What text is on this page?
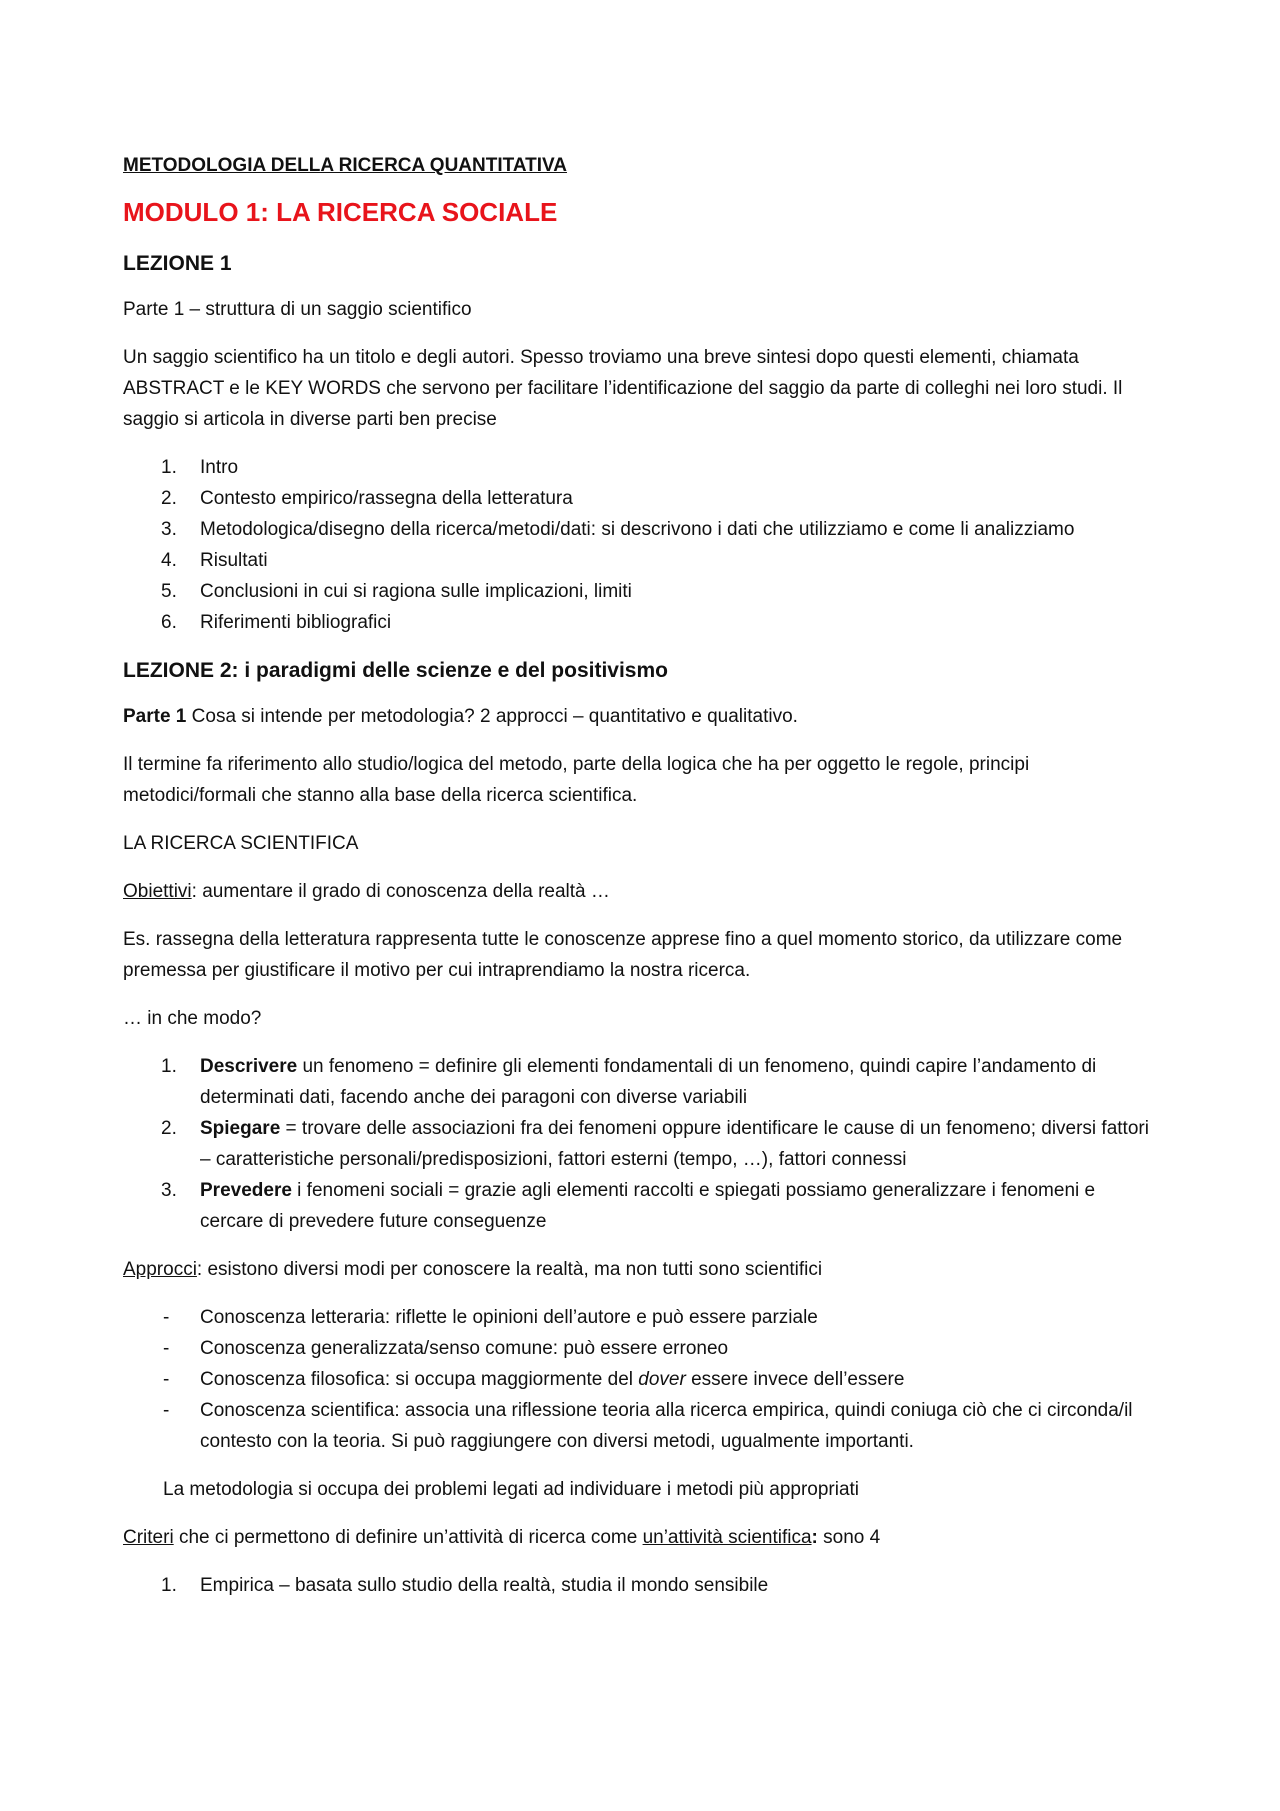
METODOLOGIA DELLA RICERCA QUANTITATIVA
MODULO 1: LA RICERCA SOCIALE
LEZIONE 1

Parte 1 – struttura di un saggio scientifico

Un saggio scientifico ha un titolo e degli autori. Spesso troviamo una breve sintesi dopo questi elementi, chiamata ABSTRACT e le KEY WORDS che servono per facilitare l’identificazione del saggio da parte di colleghi nei loro studi. Il saggio si articola in diverse parti ben precise

1. Intro
2. Contesto empirico/rassegna della letteratura
3. Metodologica/disegno della ricerca/metodi/dati: si descrivono i dati che utilizziamo e come li analizziamo
4. Risultati
5. Conclusioni in cui si ragiona sulle implicazioni, limiti
6. Riferimenti bibliografici
LEZIONE 2: i paradigmi delle scienze e del positivismo

Parte 1 Cosa si intende per metodologia? 2 approcci – quantitativo e qualitativo.

Il termine fa riferimento allo studio/logica del metodo, parte della logica che ha per oggetto le regole, principi metodici/formali che stanno alla base della ricerca scientifica.

LA RICERCA SCIENTIFICA

Obiettivi: aumentare il grado di conoscenza della realtà …

Es. rassegna della letteratura rappresenta tutte le conoscenze apprese fino a quel momento storico, da utilizzare come premessa per giustificare il motivo per cui intraprendiamo la nostra ricerca.

… in che modo?

1. Descrivere un fenomeno = definire gli elementi fondamentali di un fenomeno, quindi capire l’andamento di determinati dati, facendo anche dei paragoni con diverse variabili
2. Spiegare = trovare delle associazioni fra dei fenomeni oppure identificare le cause di un fenomeno; diversi fattori – caratteristiche personali/predisposizioni, fattori esterni (tempo, …), fattori connessi
3. Prevedere i fenomeni sociali = grazie agli elementi raccolti e spiegati possiamo generalizzare i fenomeni e cercare di prevedere future conseguenze

Approcci: esistono diversi modi per conoscere la realtà, ma non tutti sono scientifici

- Conoscenza letteraria: riflette le opinioni dell’autore e può essere parziale
- Conoscenza generalizzata/senso comune: può essere erroneo
- Conoscenza filosofica: si occupa maggiormente del dover essere invece dell’essere
- Conoscenza scientifica: associa una riflessione teoria alla ricerca empirica, quindi coniuga ciò che ci circonda/il contesto con la teoria. Si può raggiungere con diversi metodi, ugualmente importanti.

La metodologia si occupa dei problemi legati ad individuare i metodi più appropriati

Criteri che ci permettono di definire un’attività di ricerca come un’attività scientifica: sono 4

1. Empirica – basata sullo studio della realtà, studia il mondo sensibile
